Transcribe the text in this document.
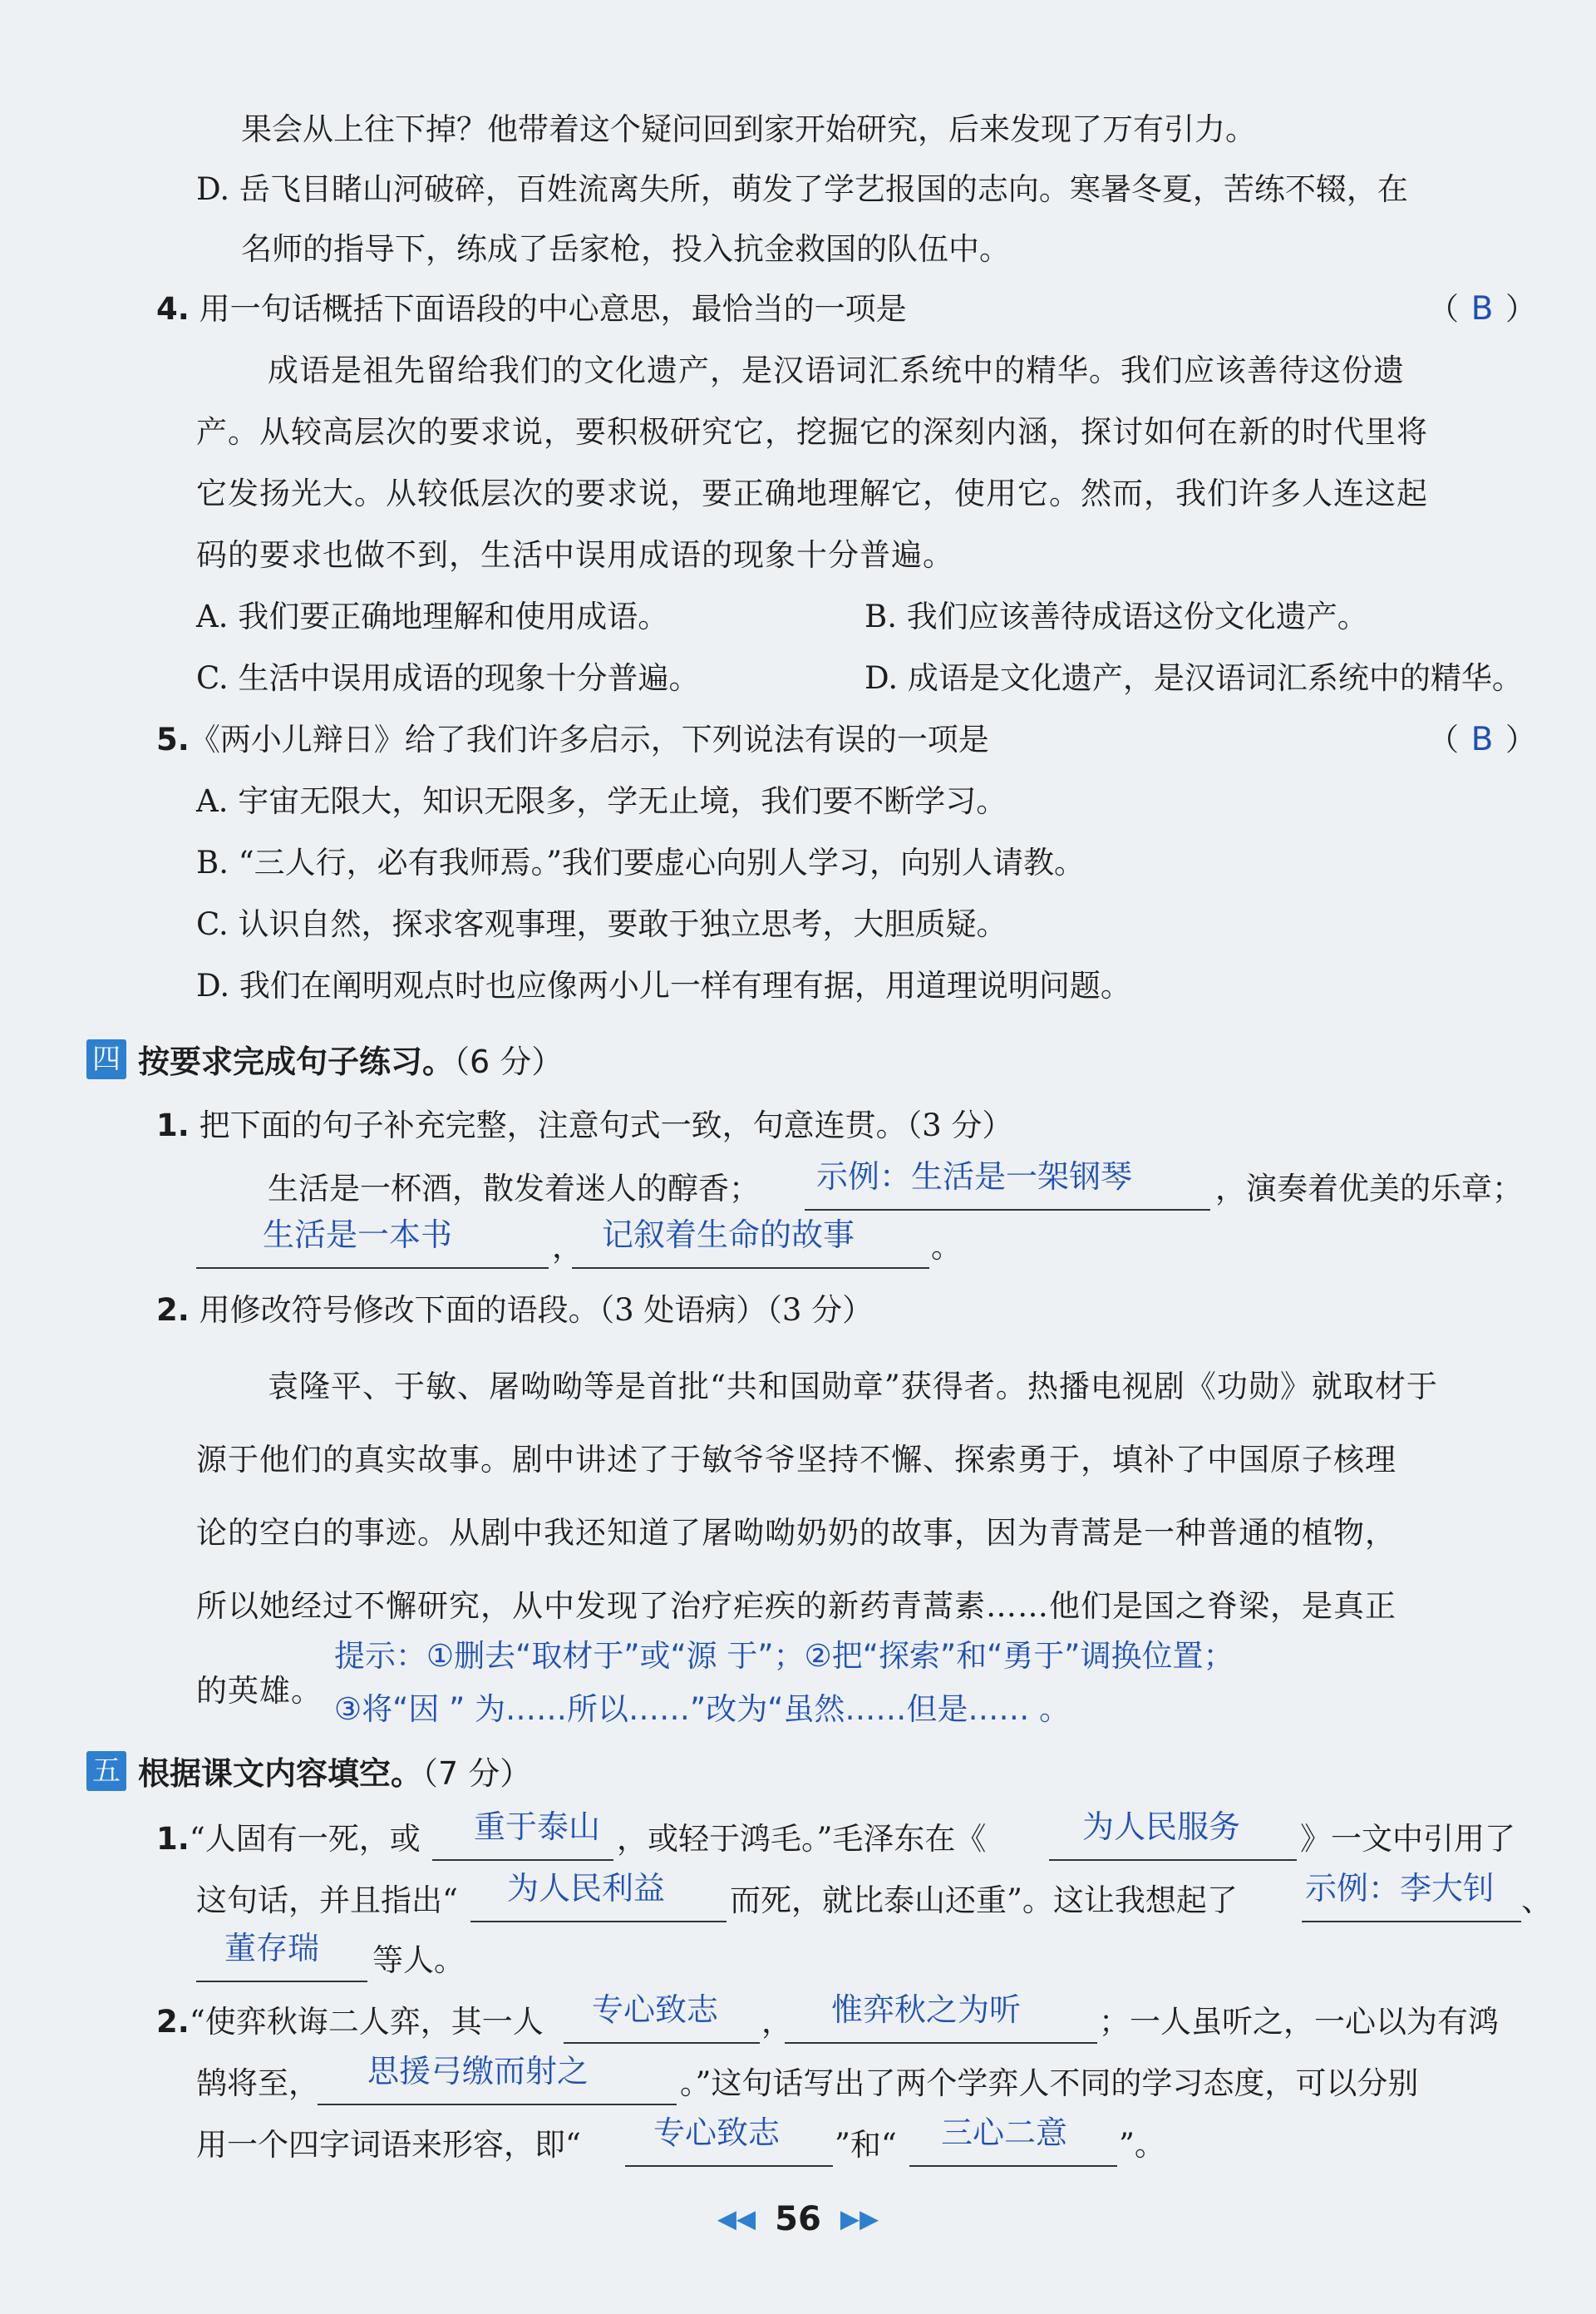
果会从上往下掉？他带着这个疑问回到家开始研究，后来发现了万有引力。
D. 岳飞目睹山河破碎，百姓流离失所，萌发了学艺报国的志向。寒暑冬夏，苦练不辍，在
名师的指导下，练成了岳家枪，投入抗金救国的队伍中。
4. 用一句话概括下面语段的中心意思，最恰当的一项是	（ B ）
成语是祖先留给我们的文化遗产，是汉语词汇系统中的精华。我们应该善待这份遗
产。从较高层次的要求说，要积极研究它，挖掘它的深刻内涵，探讨如何在新的时代里将
它发扬光大。从较低层次的要求说，要正确地理解它，使用它。然而，我们许多人连这起
码的要求也做不到，生活中误用成语的现象十分普遍。
A. 我们要正确地理解和使用成语。	B. 我们应该善待成语这份文化遗产。
C. 生活中误用成语的现象十分普遍。	D. 成语是文化遗产，是汉语词汇系统中的精华。
5.《两小儿辩日》给了我们许多启示，下列说法有误的一项是	（ B ）
A. 宇宙无限大，知识无限多，学无止境，我们要不断学习。
B. “三人行，必有我师焉。”我们要虚心向别人学习，向别人请教。
C. 认识自然，探求客观事理，要敢于独立思考，大胆质疑。
D. 我们在阐明观点时也应像两小儿一样有理有据，用道理说明问题。
四 按要求完成句子练习。（6 分）
1. 把下面的句子补充完整，注意句式一致，句意连贯。（3 分）
生活是一杯酒，散发着迷人的醇香； 示例：生活是一架钢琴	，演奏着优美的乐章；
生活是一本书	， 记叙着生命的故事 。
2. 用修改符号修改下面的语段。（3 处语病）（3 分）
袁隆平、于敏、屠呦呦等是首批“共和国勋章”获得者。热播电视剧《功勋》就取材于
源于他们的真实故事。剧中讲述了于敏爷爷坚持不懈、探索勇于，填补了中国原子核理
论的空白的事迹。从剧中我还知道了屠呦呦奶奶的故事，因为青蒿是一种普通的植物，
所以她经过不懈研究，从中发现了治疗疟疾的新药青蒿素……他们是国之脊梁，是真正
的英雄。
提示：①删去“取材于”或“源 于”；②把“探索”和“勇于”调换位置；
③将“因 ” 为……所以……”改为“虽然……但是…… 。
五 根据课文内容填空。（7 分）
1.“人固有一死，或 重于泰山 ，或轻于鸿毛。”毛泽东在《	为人民服务 》一文中引用了
这句话，并且指出“ 为人民利益 而死，就比泰山还重”。这让我想起了 示例：李大钊 、
董存瑞 等人。
2.“使弈秋诲二人弈，其一人 专心致志 ， 惟弈秋之为听	；一人虽听之，一心以为有鸿
鹄将至， 思援弓缴而射之	。”这句话写出了两个学弈人不同的学习态度，可以分别
用一个四字词语来形容，即“ 专心致志 ”和“ 三心二意 ”。
◀◀ 56 ▶▶
